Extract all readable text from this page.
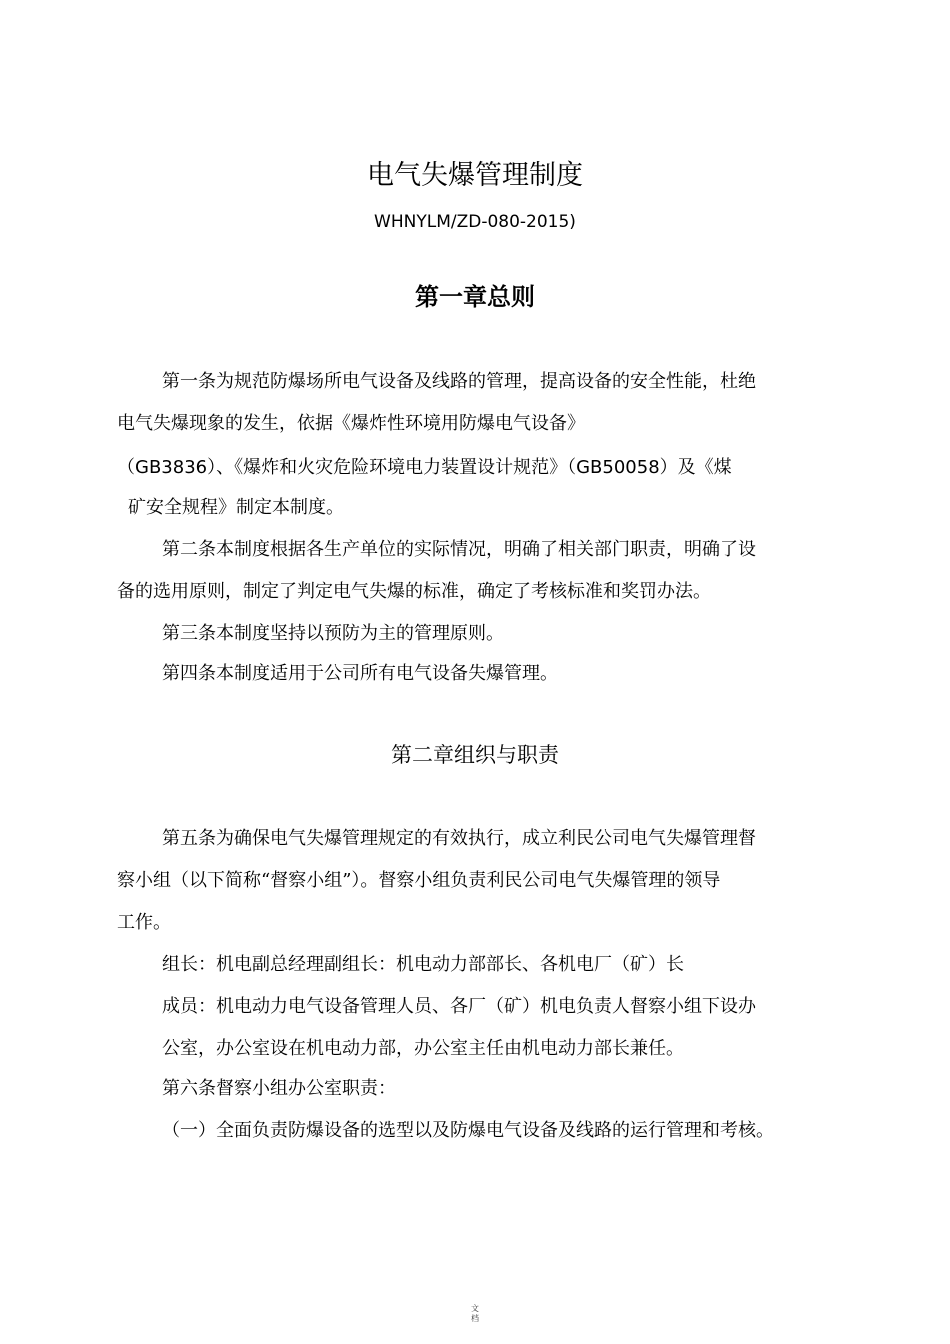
电气失爆管理制度
WHNYLM/ZD-080-2015)
第一章总则
第一条为规范防爆场所电气设备及线路的管理，提高设备的安全性能，杜绝
电气失爆现象的发生，依据《爆炸性环境用防爆电气设备》
（GB3836）、《爆炸和火灾危险环境电力装置设计规范》（GB50058）及《煤
矿安全规程》制定本制度。
第二条本制度根据各生产单位的实际情况，明确了相关部门职责，明确了设
备的选用原则，制定了判定电气失爆的标准，确定了考核标准和奖罚办法。
第三条本制度坚持以预防为主的管理原则。
第四条本制度适用于公司所有电气设备失爆管理。
第二章组织与职责
第五条为确保电气失爆管理规定的有效执行，成立利民公司电气失爆管理督
察小组（以下简称“督察小组”）。督察小组负责利民公司电气失爆管理的领导
工作。
组长：机电副总经理副组长：机电动力部部长、各机电厂（矿）长
成员：机电动力电气设备管理人员、各厂（矿）机电负责人督察小组下设办
公室，办公室设在机电动力部，办公室主任由机电动力部长兼任。
第六条督察小组办公室职责：
（一）全面负责防爆设备的选型以及防爆电气设备及线路的运行管理和考核。
文
档
